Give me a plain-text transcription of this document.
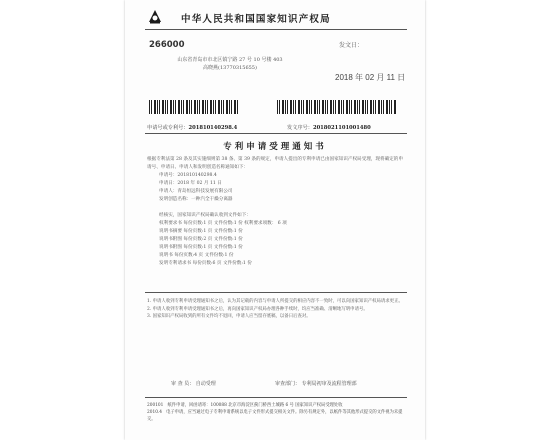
中华人民共和国国家知识产权局
266000
山东省青岛市市北区镇宁路 27 号 10 号楼 403
高晓燕(13770315655)
发文日：
2018 年 02 月 11 日
申请号或专利号：201810140298.4	发文序号：2018021101001480
专利申请受理通知书
根据专利法第 28 条及其实施细则第 38 条、第 39 条的规定，申请人提出的专利申请已由国家知识产权局受理，现将确定的申请号、申请日、申请人和发明创造名称通知如下：
申请号：201810140298.4
申请日：2018 年 02 月 11 日
申请人：青岛恒远科技发展有限公司
发明创造名称：一种汽全干燥分离器
经核实，国家知识产权局确认收到文件如下：
权利要求书 每份页数:1 页 文件份数:1 份 权利要求项数： 6 项
说明书摘要 每份页数:1 页 文件份数:1 份
说明书附图 每份页数:2 页 文件份数:1 份
说明书附图 每份页数:1 页 文件份数:1 份
说明书 每份页数:4 页 文件份数:1 份
发明专利请求书 每份页数:6 页 文件份数:1 份
1. 申请人收到专利申请受理通知书之后，认为其记载的内容与申请人所提交的相应内容不一致时，可以向国家知识产权局请求更正。
2. 申请人收到专利申请受理通知书之后，再向国家知识产权局办理各种手续时，均应当准确、清晰地写明申请号。
3. 国家知识产权局收到的所有文件均不退回，申请人应当留存底稿，以备日后查对。
审 查 员： 自动受理	审查部门： 专利局初审及流程管理部
200101 纸件申请，回函请寄：100088 北京市海淀区蓟门桥西土城路 6 号 国家知识产权局受理处收
2010.4 电子申请，应当通过电子专利申请系统以电子文件形式提交相关文件。除另有规定外，以纸件等其他形式提交的文件视为未提交。
